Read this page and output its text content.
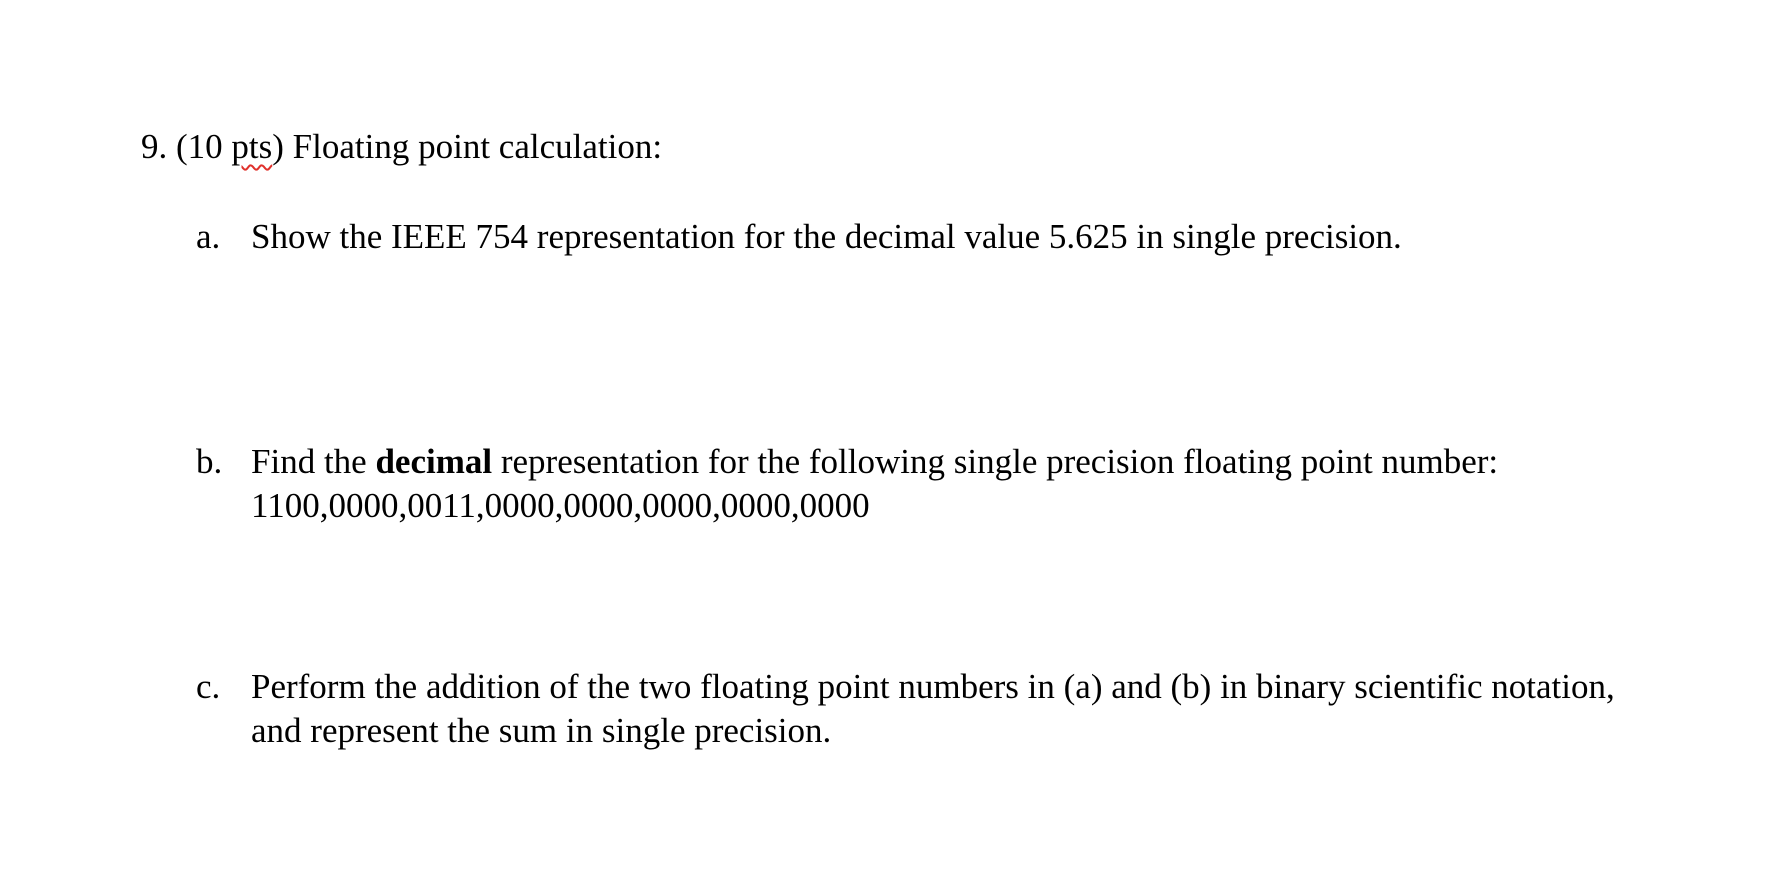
9. (10 pts) Floating point calculation:
a. Show the IEEE 754 representation for the decimal value 5.625 in single precision.
b. Find the decimal representation for the following single precision floating point number:
1100,0000,0011,0000,0000,0000,0000,0000
c. Perform the addition of the two floating point numbers in (a) and (b) in binary scientific notation,
and represent the sum in single precision.
